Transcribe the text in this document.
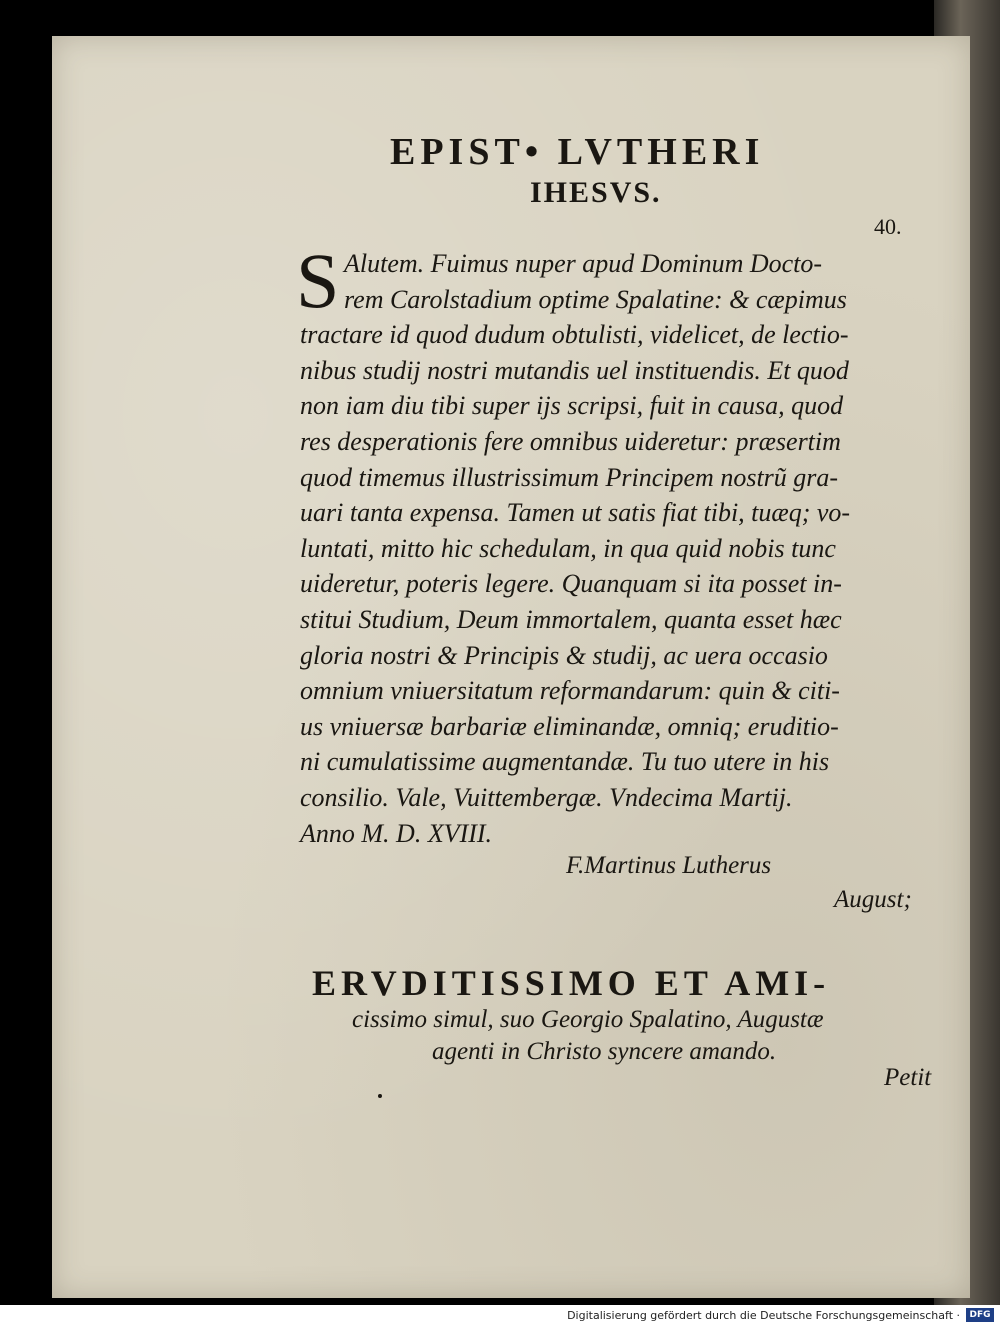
EPIST• LVTHERI
IHESVS.
40.
S Alutem. Fuimus nuper apud Dominum Docto‐
rem Carolstadium optime Spalatine: & cæpimus
tractare id quod dudum obtulisti, videlicet, de lectio‐
nibus studij nostri mutandis uel instituendis. Et quod
non iam diu tibi super ijs scripsi, fuit in causa, quod
res desperationis fere omnibus uideretur: præsertim
quod timemus illustrissimum Principem nostrũ gra‐
uari tanta expensa. Tamen ut satis fiat tibi, tuæq; vo‐
luntati, mitto hic schedulam, in qua quid nobis tunc
uideretur, poteris legere. Quanquam si ita posset in‐
stitui Studium, Deum immortalem, quanta esset hæc
gloria nostri & Principis & studij, ac uera occasio
omnium vniuersitatum reformandarum: quin & citi‐
us vniuersæ barbariæ eliminandæ, omniq; eruditio‐
ni cumulatissime augmentandæ. Tu tuo utere in his
consilio. Vale, Vuittembergæ. Vndecima Martij.
Anno M. D. XVIII.
F.Martinus Lutherus
August;
ERVDITISSIMO ET AMI‐
cissimo simul, suo Georgio Spalatino, Augustæ
agenti in Christo syncere amando.
Petit
Digitalisierung gefördert durch die Deutsche Forschungsgemeinschaft ·	DFG
